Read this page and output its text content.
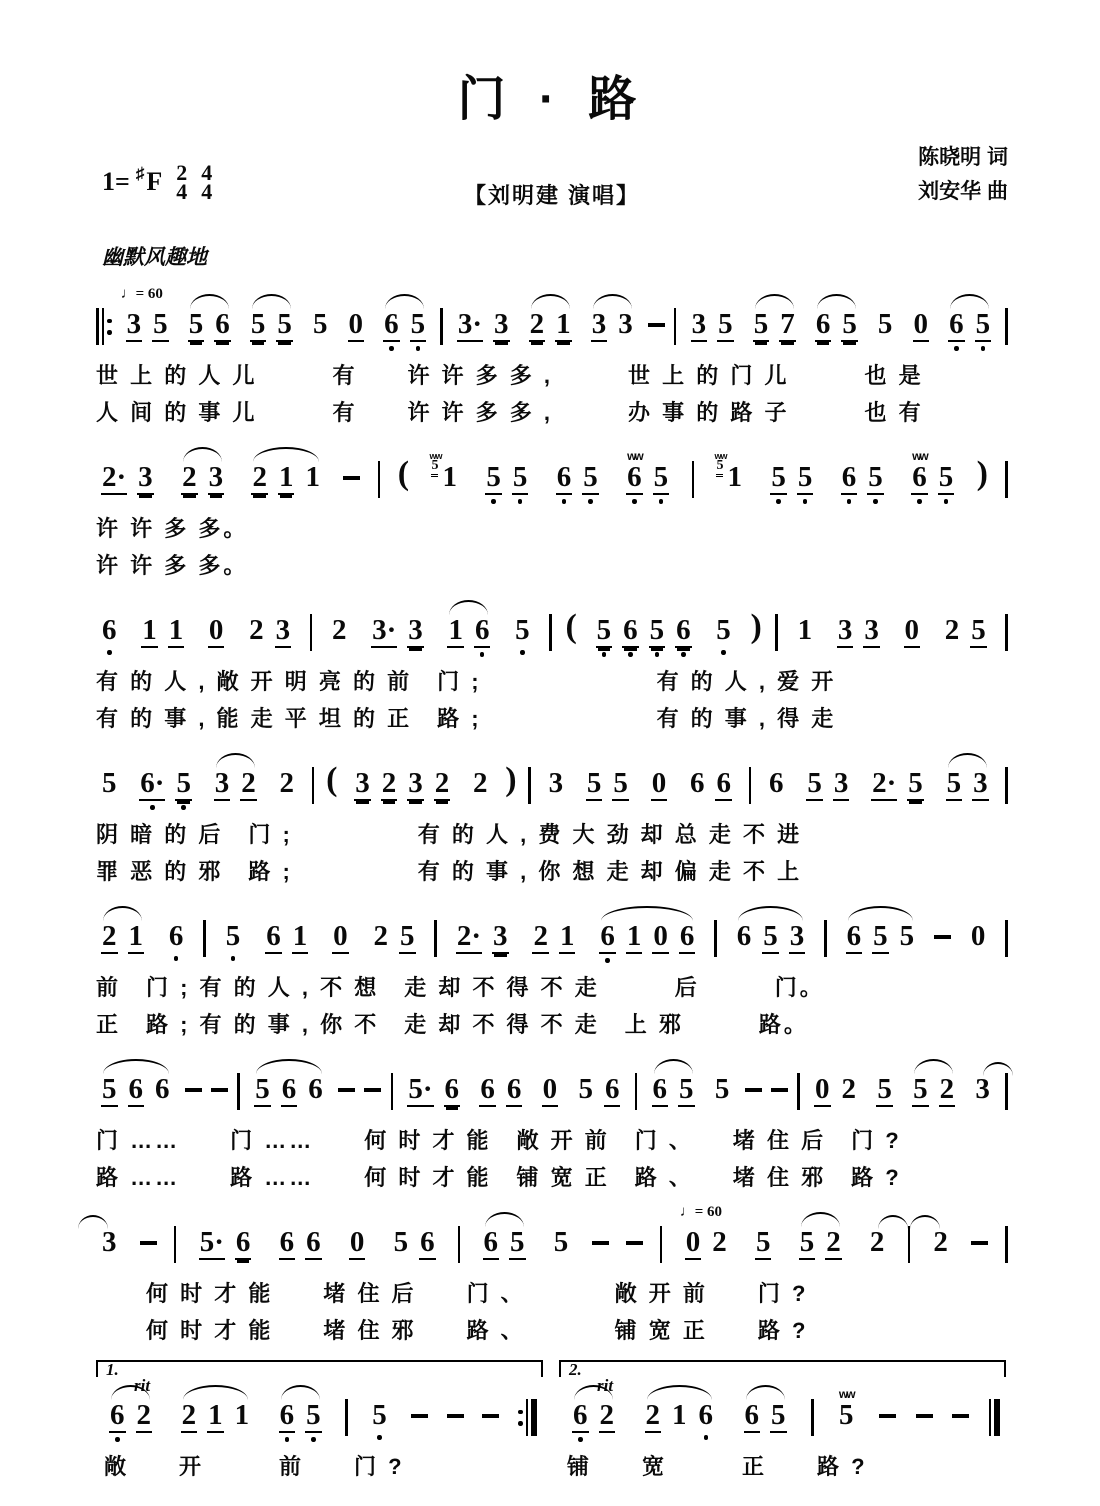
门 · 路
1= ♯ F 2
4
4
4	【刘明建 演唱】
陈晓明 词
刘安华 曲
幽默风趣地
♩= 60
3 5 5 6 5 5 5 0 6 5 3· 3 2 1 3 3 3 5 5 7 6 5 5 0 6 5
世 上 的 人 儿　　　有　　许 许 多 多 ,　　　世 上 的 门 儿　　　也 是
人 间 的 事 儿　　　有　　许 许 多 多 ,　　　办 事 的 路 子　　　也 有
2· 3 2 3 2 1 1 ( ww 5 1 5 5 6 5
ww
6 5	ww 5 1 5 5 6 5
ww
6 5 )
许 许 多 多。
许 许 多 多。
6 1 1 0 2 3 2 3· 3 1 6 5 ( 5 6 5 6 5 ) 1 3 3 0 2 5
有 的 人 , 敞 开 明 亮 的 前　门 ;　　　　　　　有 的 人 , 爱 开
有 的 事 , 能 走 平 坦 的 正　路 ;　　　　　　　有 的 事 , 得 走
5 6· 5 3 2 2 ( 3 2 3 2 2 ) 3 5 5 0 6 6 6 5 3 2· 5 5 3
阴 暗 的 后　门 ;　　　　　有 的 人 , 费 大 劲 却 总 走 不 进
罪 恶 的 邪　路 ;　　　　　有 的 事 , 你 想 走 却 偏 走 不 上
2 1 6 5 6 1 0 2 5 2· 3 2 1 6 1 0 6 6 5 3 6 5 5 0
前　门 ; 有 的 人 , 不 想　走 却 不 得 不 走　　　后　　　门。
正　路 ; 有 的 事 , 你 不　走 却 不 得 不 走　上 邪　　　路。
5 6 6	5 6 6	5· 6 6 6 0 5 6 6 5 5	0 2 5 5 2 3
门 ……　　门 ……　　何 时 才 能　敞 开 前　门 、　　堵 住 后　门 ?
路 ……　　路 ……　　何 时 才 能　铺 宽 正　路 、　　堵 住 邪　路 ?
3	5· 6 6 6 0 5 6 6 5 5
♩= 60
0 2 5 5 2 2 2
　　何 时 才 能　　堵 住 后　　门 、　　　　敞 开 前　　门 ?
　　何 时 才 能　　堵 住 邪　　路 、　　　　铺 宽 正　　路 ?
1.
rit
6 2 2 1 1 6 5 5
敞　　开　　　前　　门 ?
2.
rit
6 2 2 1 6 6 5
ww
5
铺　　宽　　　正　　路 ?
